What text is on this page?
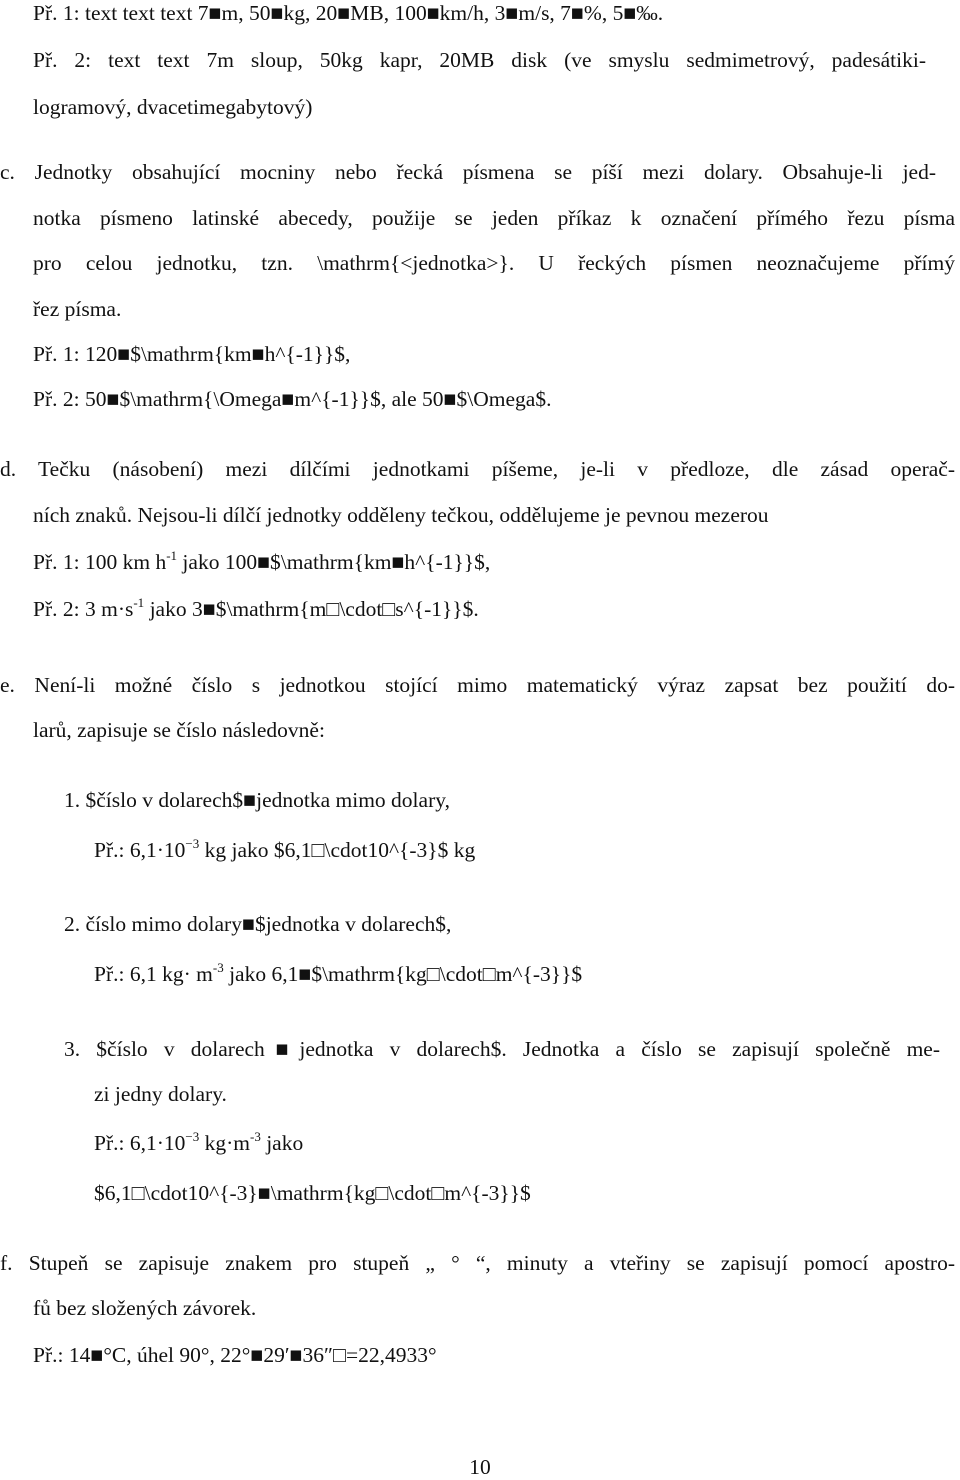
Př. 1: text text text 7■m, 50■kg, 20■MB, 100■km/h, 3■m/s, 7■%, 5■‰.
Př. 2: text text 7m sloup, 50kg kapr, 20MB disk (ve smyslu sedmimetrový, padesátiki-
logramový, dvacetimegabytový)
c. Jednotky obsahující mocniny nebo řecká písmena se píší mezi dolary. Obsahuje-li jed-
notka písmeno latinské abecedy, použije se jeden příkaz k označení přímého řezu písma
pro celou jednotku, tzn. \mathrm{<jednotka>}. U řeckých písmen neoznačujeme přímý
řez písma.
Př. 1: 120■$\mathrm{km■h^{-1}}$,
Př. 2: 50■$\mathrm{\Omega■m^{-1}}$, ale 50■$\Omega$.
d. Tečku (násobení) mezi dílčími jednotkami píšeme, je-li v předloze, dle zásad operač-
ních znaků. Nejsou-li dílčí jednotky odděleny tečkou, oddělujeme je pevnou mezerou
Př. 1: 100 km $h^{-1}$ jako 100■$\mathrm{km■h^{-1}}$,
Př. 2: 3 $m\cdot s^{-1}$ jako 3■$\mathrm{m□\cdot□s^{-1}}$.
e. Není-li možné číslo s jednotkou stojící mimo matematický výraz zapsat bez použití do-
larů, zapisuje se číslo následovně:
1. $číslo v dolarech$■jednotka mimo dolary,
Př.: $6,1\cdot 10^{-3}$ kg jako $6,1□\cdot10^{-3}$ kg
2. číslo mimo dolary■$jednotka v dolarech$,
Př.: 6,1 $kg\cdot m^{-3}$ jako 6,1■$\mathrm{kg□\cdot□m^{-3}}$
3. $číslo v dolarech■jednotka v dolarech$. Jednotka a číslo se zapisují společně me-
zi jedny dolary.
Př.: $6,1\cdot 10^{-3}$ $kg\cdot m^{-3}$ jako
$6,1□\cdot10^{-3}■\mathrm{kg□\cdot□m^{-3}}$
f. Stupeň se zapisuje znakem pro stupeň „ ° “, minuty a vteřiny se zapisují pomocí apostro-
fů bez složených závorek.
Př.: 14■°C, úhel 90°, 22°■29′■36″□=22,4933°
10
